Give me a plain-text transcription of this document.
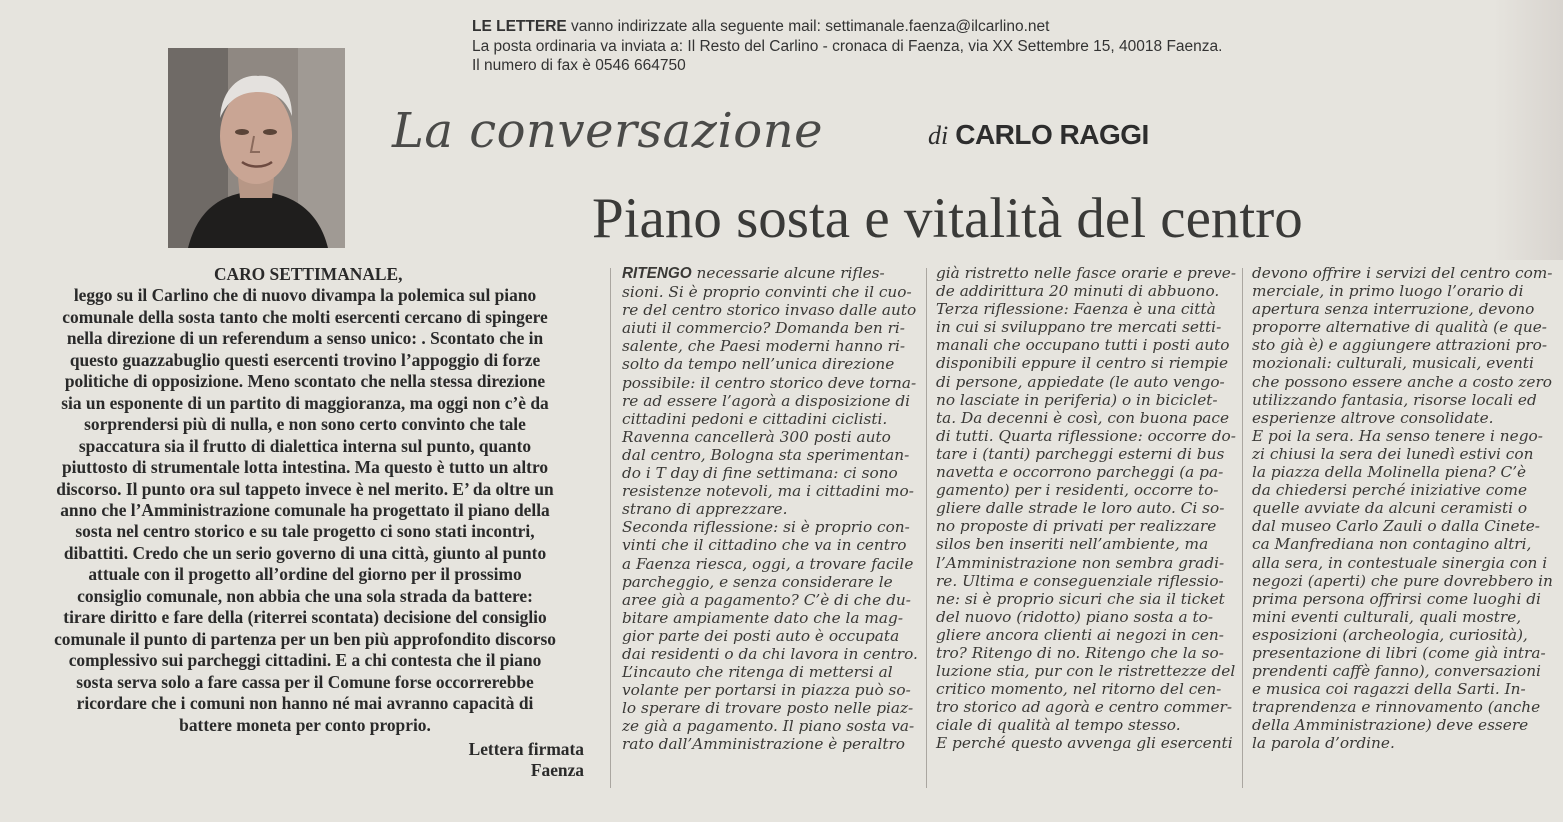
LE LETTERE vanno indirizzate alla seguente mail: settimanale.faenza@ilcarlino.net
La posta ordinaria va inviata a: Il Resto del Carlino - cronaca di Faenza, via XX Settembre 15, 40018 Faenza.
Il numero di fax è 0546 664750
La conversazione	di CARLO RAGGI
Piano sosta e vitalità del centro
CARO SETTIMANALE,
leggo su il Carlino che di nuovo divampa la polemica sul piano
comunale della sosta tanto che molti esercenti cercano di spingere
nella direzione di un referendum a senso unico: . Scontato che in
questo guazzabuglio questi esercenti trovino l’appoggio di forze
politiche di opposizione. Meno scontato che nella stessa direzione
sia un esponente di un partito di maggioranza, ma oggi non c’è da
sorprendersi più di nulla, e non sono certo convinto che tale
spaccatura sia il frutto di dialettica interna sul punto, quanto
piuttosto di strumentale lotta intestina. Ma questo è tutto un altro
discorso. Il punto ora sul tappeto invece è nel merito. E’ da oltre un
anno che l’Amministrazione comunale ha progettato il piano della
sosta nel centro storico e su tale progetto ci sono stati incontri,
dibattiti. Credo che un serio governo di una città, giunto al punto
attuale con il progetto all’ordine del giorno per il prossimo
consiglio comunale, non abbia che una sola strada da battere:
tirare diritto e fare della (riterrei scontata) decisione del consiglio
comunale il punto di partenza per un ben più approfondito discorso
complessivo sui parcheggi cittadini. E a chi contesta che il piano
sosta serva solo a fare cassa per il Comune forse occorrerebbe
ricordare che i comuni non hanno né mai avranno capacità di
battere moneta per conto proprio.
Lettera firmata
Faenza
RITENGO necessarie alcune rifles-
sioni. Si è proprio convinti che il cuo-
re del centro storico invaso dalle auto
aiuti il commercio? Domanda ben ri-
salente, che Paesi moderni hanno ri-
solto da tempo nell’unica direzione
possibile: il centro storico deve torna-
re ad essere l’agorà a disposizione di
cittadini pedoni e cittadini ciclisti.
Ravenna cancellerà 300 posti auto
dal centro, Bologna sta sperimentan-
do i T day di fine settimana: ci sono
resistenze notevoli, ma i cittadini mo-
strano di apprezzare.
Seconda riflessione: si è proprio con-
vinti che il cittadino che va in centro
a Faenza riesca, oggi, a trovare facile
parcheggio, e senza considerare le
aree già a pagamento? C’è di che du-
bitare ampiamente dato che la mag-
gior parte dei posti auto è occupata
dai residenti o da chi lavora in centro.
L’incauto che ritenga di mettersi al
volante per portarsi in piazza può so-
lo sperare di trovare posto nelle piaz-
ze già a pagamento. Il piano sosta va-
rato dall’Amministrazione è peraltro
già ristretto nelle fasce orarie e preve-
de addirittura 20 minuti di abbuono.
Terza riflessione: Faenza è una città
in cui si sviluppano tre mercati setti-
manali che occupano tutti i posti auto
disponibili eppure il centro si riempie
di persone, appiedate (le auto vengo-
no lasciate in periferia) o in biciclet-
ta. Da decenni è così, con buona pace
di tutti. Quarta riflessione: occorre do-
tare i (tanti) parcheggi esterni di bus
navetta e occorrono parcheggi (a pa-
gamento) per i residenti, occorre to-
gliere dalle strade le loro auto. Ci so-
no proposte di privati per realizzare
silos ben inseriti nell’ambiente, ma
l’Amministrazione non sembra gradi-
re. Ultima e conseguenziale riflessio-
ne: si è proprio sicuri che sia il ticket
del nuovo (ridotto) piano sosta a to-
gliere ancora clienti ai negozi in cen-
tro? Ritengo di no. Ritengo che la so-
luzione stia, pur con le ristrettezze del
critico momento, nel ritorno del cen-
tro storico ad agorà e centro commer-
ciale di qualità al tempo stesso.
E perché questo avvenga gli esercenti
devono offrire i servizi del centro com-
merciale, in primo luogo l’orario di
apertura senza interruzione, devono
proporre alternative di qualità (e que-
sto già è) e aggiungere attrazioni pro-
mozionali: culturali, musicali, eventi
che possono essere anche a costo zero
utilizzando fantasia, risorse locali ed
esperienze altrove consolidate.
E poi la sera. Ha senso tenere i nego-
zi chiusi la sera dei lunedì estivi con
la piazza della Molinella piena? C’è
da chiedersi perché iniziative come
quelle avviate da alcuni ceramisti o
dal museo Carlo Zauli o dalla Cinete-
ca Manfrediana non contagino altri,
alla sera, in contestuale sinergia con i
negozi (aperti) che pure dovrebbero in
prima persona offrirsi come luoghi di
mini eventi culturali, quali mostre,
esposizioni (archeologia, curiosità),
presentazione di libri (come già intra-
prendenti caffè fanno), conversazioni
e musica coi ragazzi della Sarti. In-
traprendenza e rinnovamento (anche
della Amministrazione) deve essere
la parola d’ordine.
